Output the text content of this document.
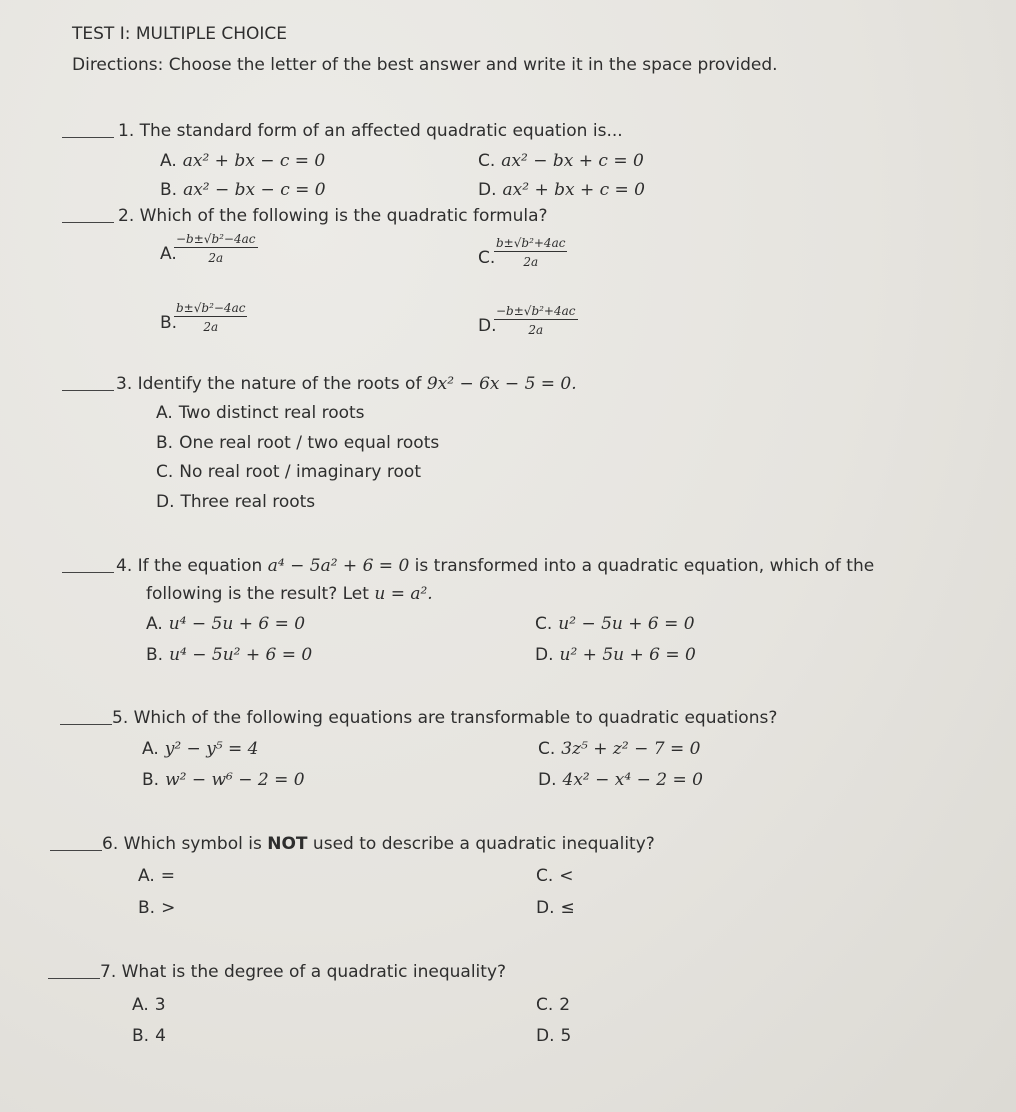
TEST I: MULTIPLE CHOICE
Directions: Choose the letter of the best answer and write it in the space provided.
1. The standard form of an affected quadratic equation is...
A. ax² + bx − c = 0
B. ax² − bx − c = 0
C. ax² − bx + c = 0
D. ax² + bx + c = 0
2. Which of the following is the quadratic formula?
A.
$\frac{\text{−b±√b²−4ac}}{2a}$
B.
$\frac{\text{b±√b²−4ac}}{2a}$
C.
$\frac{\text{b±√b²+4ac}}{2a}$
D.
$\frac{\text{−b±√b²+4ac}}{2a}$
3. Identify the nature of the roots of 9x² − 6x − 5 = 0.
A. Two distinct real roots
B. One real root / two equal roots
C. No real root / imaginary root
D. Three real roots
4. If the equation a⁴ − 5a² + 6 = 0 is transformed into a quadratic equation, which of the
following is the result? Let u = a².
A. u⁴ − 5u + 6 = 0
B. u⁴ − 5u² + 6 = 0
C. u² − 5u + 6 = 0
D. u² + 5u + 6 = 0
5. Which of the following equations are transformable to quadratic equations?
A. y² − y⁵ = 4
B. w² − w⁶ − 2 = 0
C. 3z⁵ + z² − 7 = 0
D. 4x² − x⁴ − 2 = 0
6. Which symbol is NOT used to describe a quadratic inequality?
A. =
B. >
C. <
D. ≤
7. What is the degree of a quadratic inequality?
A. 3
B. 4
C. 2
D. 5
